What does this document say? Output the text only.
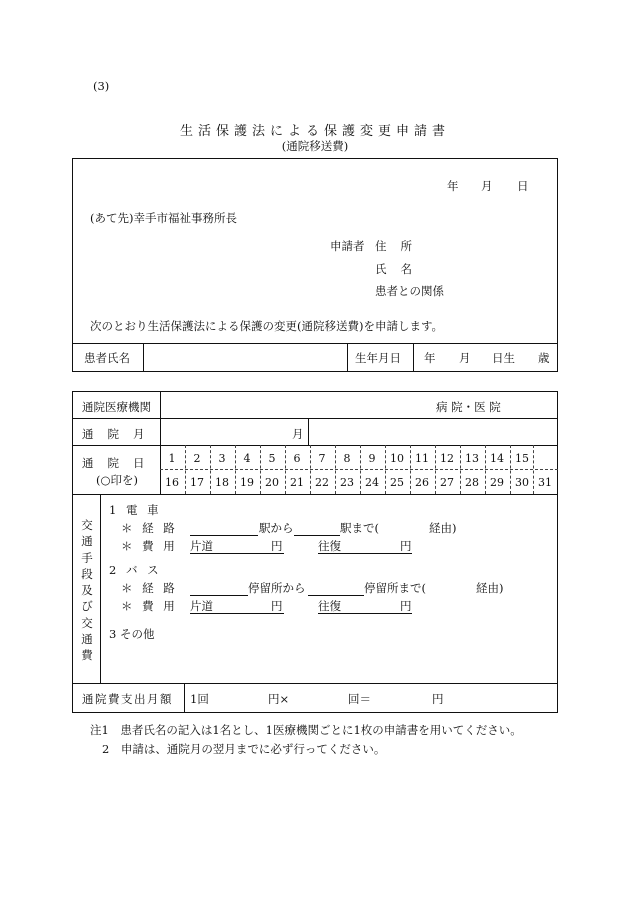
(3)
生活保護法による保護変更申請書
(通院移送費)
年 月 日
(あて先)幸手市福祉事務所長
申請者 住所
氏名
患者との関係
次のとおり生活保護法による保護の変更(通院移送費)を申請します。
患者氏名	生年月日 年 月 日生 歳
通院医療機関	病 院・医 院
通院月	月
通院日
(○印を)
1	2	3	4	5	6	7	8	9	10	11	12	13	14	15
16	17	18	19	20	21	22	23	24	25	26	27	28	29	30 31
交通手段及び交通費
1 電 車
＊ 経 路	駅から	駅まで(	経由)
＊ 費 用 片道	円	往復	円
2 バ ス
＊ 経 路	停留所から	停留所まで(	経由)
＊ 費 用 片道	円	往復	円
3 その他
通院費支出月額 1回	円×	回＝	円
注1　患者氏名の記入は1名とし、1医療機関ごとに1枚の申請書を用いてください。
2　申請は、通院月の翌月までに必ず行ってください。
